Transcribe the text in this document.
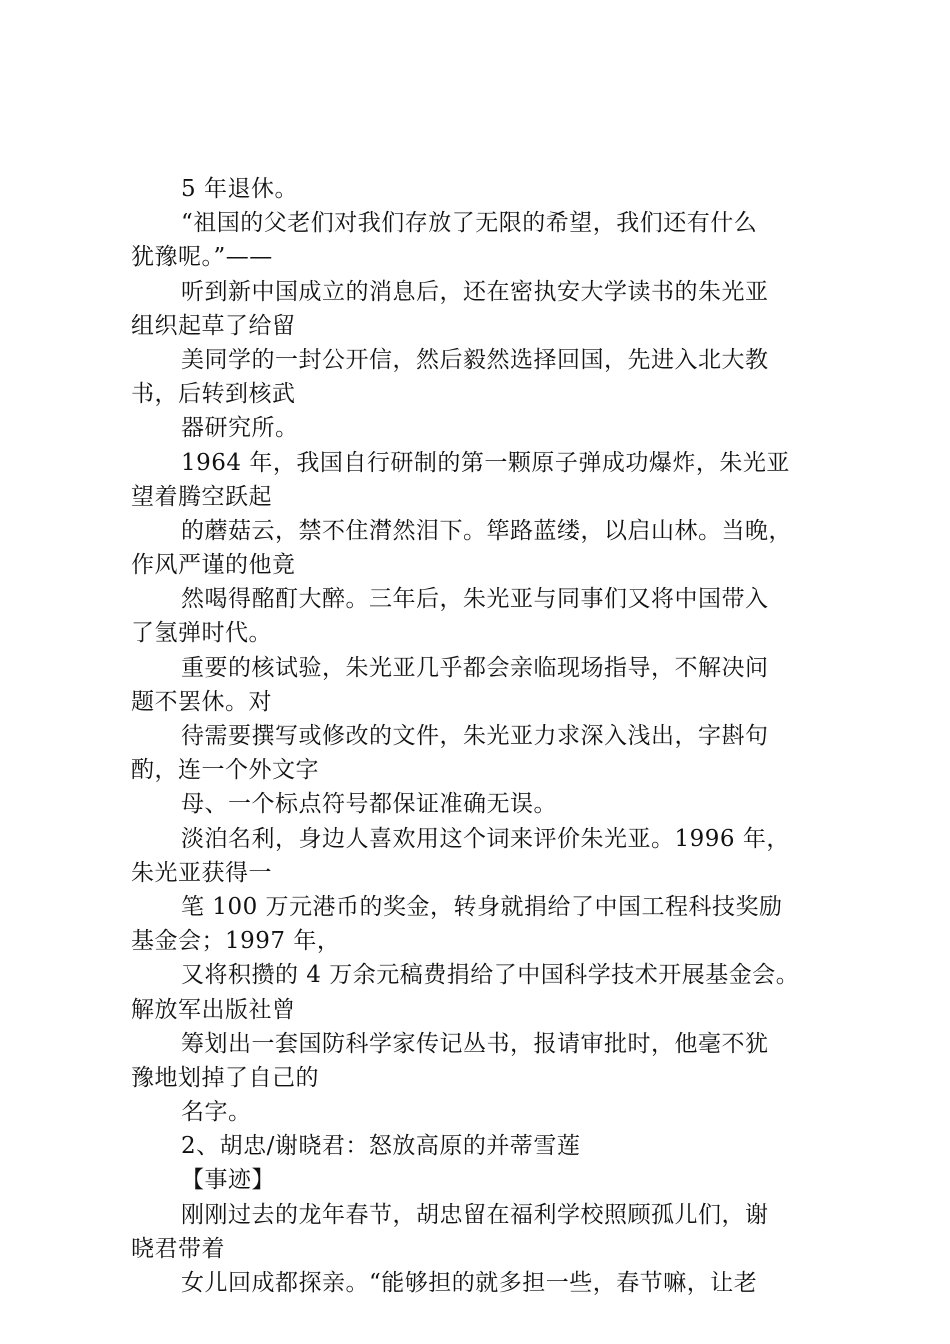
5 年退休。
“祖国的父老们对我们存放了无限的希望，我们还有什么
犹豫呢。”——
听到新中国成立的消息后，还在密执安大学读书的朱光亚
组织起草了给留
美同学的一封公开信，然后毅然选择回国，先进入北大教
书，后转到核武
器研究所。
1964 年，我国自行研制的第一颗原子弹成功爆炸，朱光亚
望着腾空跃起
的蘑菇云，禁不住潸然泪下。筚路蓝缕，以启山林。当晚，
作风严谨的他竟
然喝得酩酊大醉。三年后，朱光亚与同事们又将中国带入
了氢弹时代。
重要的核试验，朱光亚几乎都会亲临现场指导，不解决问
题不罢休。对
待需要撰写或修改的文件，朱光亚力求深入浅出，字斟句
酌，连一个外文字
母、一个标点符号都保证准确无误。
淡泊名利，身边人喜欢用这个词来评价朱光亚。1996 年，
朱光亚获得一
笔 100 万元港币的奖金，转身就捐给了中国工程科技奖励
基金会；1997 年，
又将积攒的 4 万余元稿费捐给了中国科学技术开展基金会。
解放军出版社曾
筹划出一套国防科学家传记丛书，报请审批时，他毫不犹
豫地划掉了自己的
名字。
2、胡忠/谢晓君：怒放高原的并蒂雪莲
【事迹】
刚刚过去的龙年春节，胡忠留在福利学校照顾孤儿们，谢
晓君带着
女儿回成都探亲。“能够担的就多担一些，春节嘛，让老
